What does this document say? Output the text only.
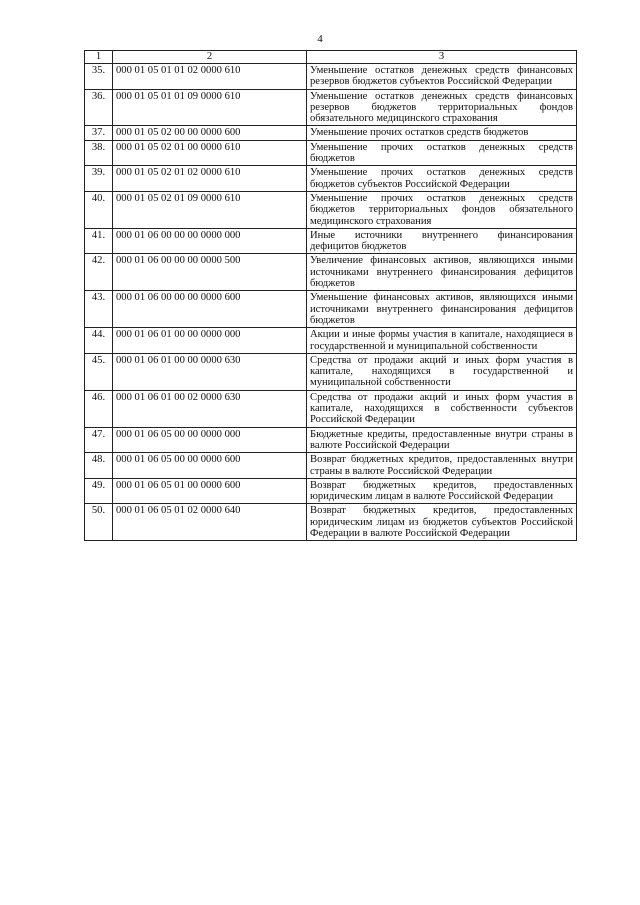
4
1	2	3
35.	000 01 05 01 01 02 0000 610	Уменьшение остатков денежных средств финансовых резервов бюджетов субъектов Российской Федерации
36.	000 01 05 01 01 09 0000 610	Уменьшение остатков денежных средств финансовых резервов бюджетов территориальных фондов обязательного медицинского страхования
37.	000 01 05 02 00 00 0000 600	Уменьшение прочих остатков средств бюджетов
38.	000 01 05 02 01 00 0000 610	Уменьшение прочих остатков денежных средств бюджетов
39.	000 01 05 02 01 02 0000 610	Уменьшение прочих остатков денежных средств бюджетов субъектов Российской Федерации
40.	000 01 05 02 01 09 0000 610	Уменьшение прочих остатков денежных средств бюджетов территориальных фондов обязательного медицинского страхования
41.	000 01 06 00 00 00 0000 000	Иные источники внутреннего финансирования дефицитов бюджетов
42.	000 01 06 00 00 00 0000 500	Увеличение финансовых активов, являющихся иными источниками внутреннего финансирования дефицитов бюджетов
43.	000 01 06 00 00 00 0000 600	Уменьшение финансовых активов, являющихся иными источниками внутреннего финансирования дефицитов бюджетов
44.	000 01 06 01 00 00 0000 000	Акции и иные формы участия в капитале, находящиеся в государственной и муниципальной собственности
45.	000 01 06 01 00 00 0000 630	Средства от продажи акций и иных форм участия в капитале, находящихся в государственной и муниципальной собственности
46.	000 01 06 01 00 02 0000 630	Средства от продажи акций и иных форм участия в капитале, находящихся в собственности субъектов Российской Федерации
47.	000 01 06 05 00 00 0000 000	Бюджетные кредиты, предоставленные внутри страны в валюте Российской Федерации
48.	000 01 06 05 00 00 0000 600	Возврат бюджетных кредитов, предоставленных внутри страны в валюте Российской Федерации
49.	000 01 06 05 01 00 0000 600	Возврат бюджетных кредитов, предоставленных юридическим лицам в валюте Российской Федерации
50.	000 01 06 05 01 02 0000 640	Возврат бюджетных кредитов, предоставленных юридическим лицам из бюджетов субъектов Российской Федерации в валюте Российской Федерации
